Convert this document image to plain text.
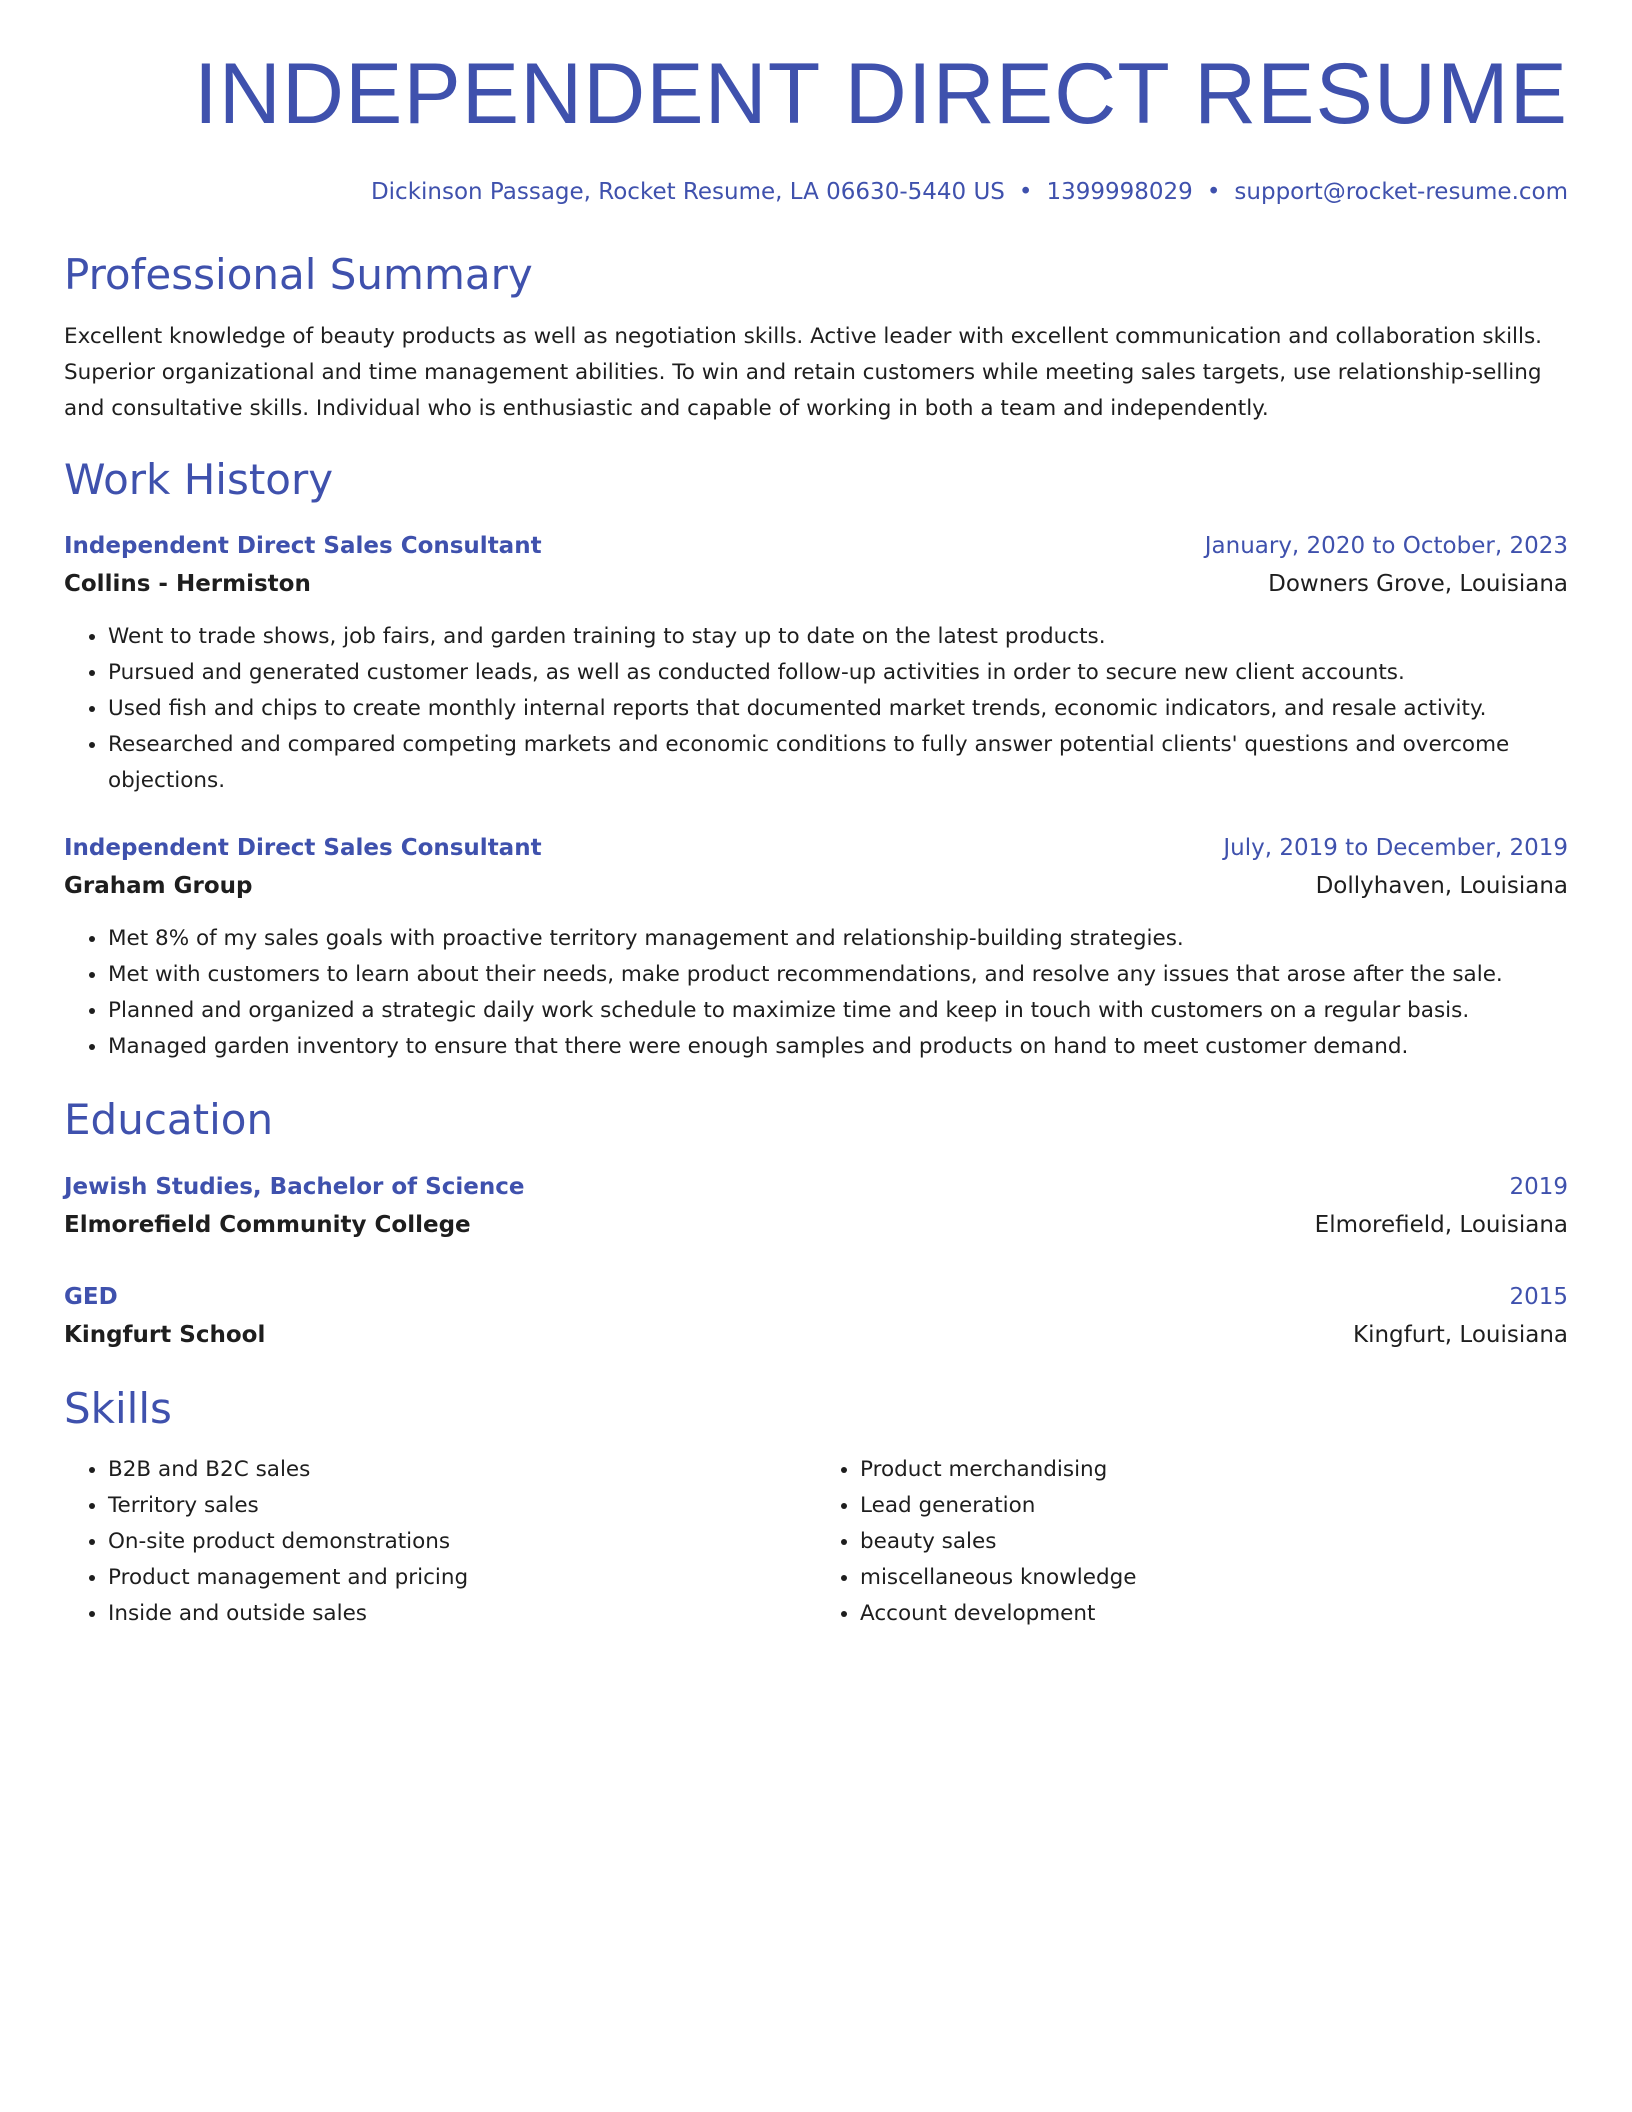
INDEPENDENT DIRECT RESUME
Dickinson Passage, Rocket Resume, LA 06630-5440 US • 1399998029 • support@rocket-resume.com
Professional Summary

Excellent knowledge of beauty products as well as negotiation skills. Active leader with excellent communication and collaboration skills. Superior organizational and time management abilities. To win and retain customers while meeting sales targets, use relationship-selling and consultative skills. Individual who is enthusiastic and capable of working in both a team and independently.

Work History
Independent Direct Sales Consultant	January, 2020 to October, 2023
Collins - Hermiston	Downers Grove, Louisiana
• Went to trade shows, job fairs, and garden training to stay up to date on the latest products.
• Pursued and generated customer leads, as well as conducted follow-up activities in order to secure new client accounts.
• Used fish and chips to create monthly internal reports that documented market trends, economic indicators, and resale activity.
• Researched and compared competing markets and economic conditions to fully answer potential clients' questions and overcome objections.
Independent Direct Sales Consultant	July, 2019 to December, 2019
Graham Group	Dollyhaven, Louisiana
• Met 8% of my sales goals with proactive territory management and relationship-building strategies.
• Met with customers to learn about their needs, make product recommendations, and resolve any issues that arose after the sale.
• Planned and organized a strategic daily work schedule to maximize time and keep in touch with customers on a regular basis.
• Managed garden inventory to ensure that there were enough samples and products on hand to meet customer demand.
Education
Jewish Studies, Bachelor of Science	2019
Elmorefield Community College	Elmorefield, Louisiana
GED	2015
Kingfurt School	Kingfurt, Louisiana
Skills
• B2B and B2C sales
• Territory sales
• On-site product demonstrations
• Product management and pricing
• Inside and outside sales
• Product merchandising
• Lead generation
• beauty sales
• miscellaneous knowledge
• Account development
